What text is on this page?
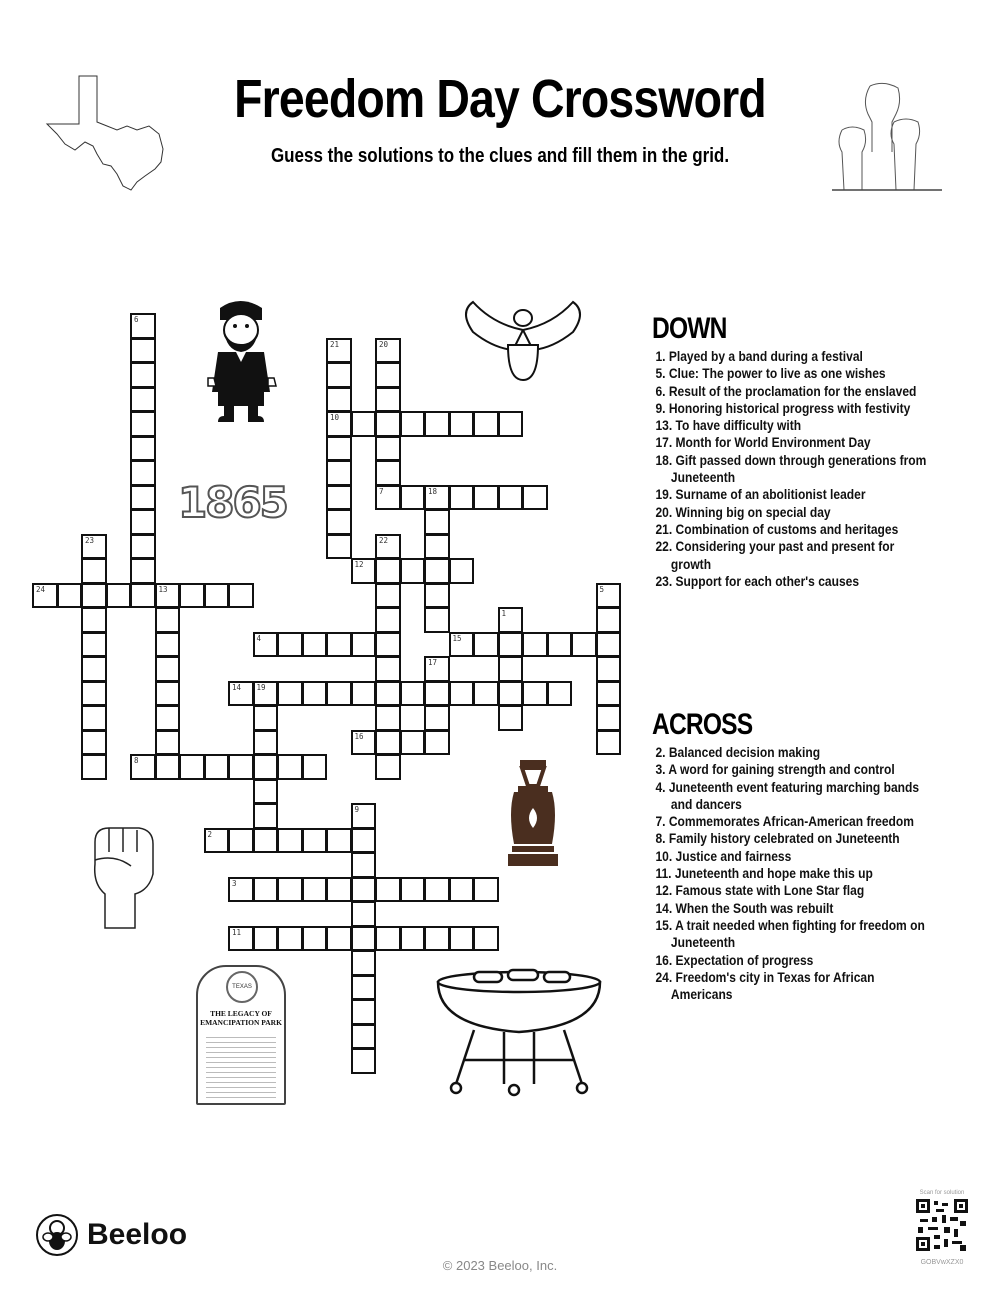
Freedom Day Crossword
Guess the solutions to the clues and fill them in the grid.
1865
TEXAS
THE LEGACY OF
EMANCIPATION PARK
6
21
10
20
7	18
22
23
12
24	13	5
1
4	15
17
14 19
16
8
9
2
3
11
DOWN
1. Played by a band during a festival
5. Clue: The power to live as one wishes
6. Result of the proclamation for the enslaved
9. Honoring historical progress with festivity
13. To have difficulty with
17. Month for World Environment Day
18. Gift passed down through generations from Juneteenth
19. Surname of an abolitionist leader
20. Winning big on special day
21. Combination of customs and heritages
22. Considering your past and present for growth
23. Support for each other's causes
ACROSS
2. Balanced decision making
3. A word for gaining strength and control
4. Juneteenth event featuring marching bands and dancers
7. Commemorates African-American freedom
8. Family history celebrated on Juneteenth
10. Justice and fairness
11. Juneteenth and hope make this up
12. Famous state with Lone Star flag
14. When the South was rebuilt
15. A trait needed when fighting for freedom on Juneteenth
16. Expectation of progress
24. Freedom's city in Texas for African Americans
Beeloo
© 2023 Beeloo, Inc.
Scan for solution
GOBVwXZX0
